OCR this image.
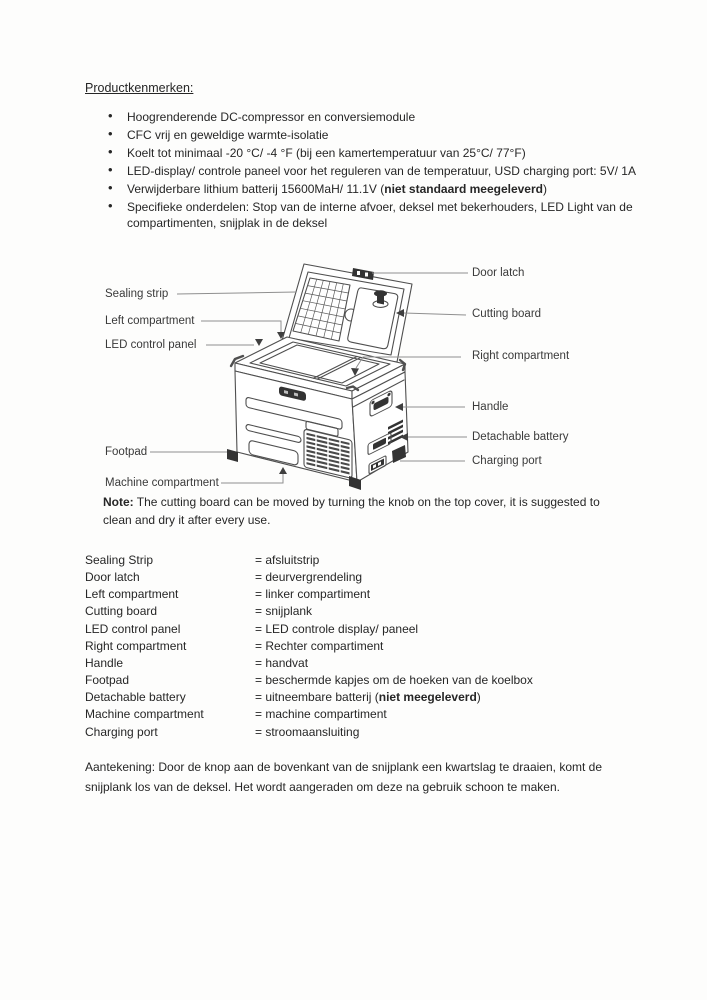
Productkenmerken:
• Hoogrenderende DC-compressor en conversiemodule
• CFC vrij en geweldige warmte-isolatie
• Koelt tot minimaal -20 °C/ -4 °F (bij een kamertemperatuur van 25°C/ 77°F)
• LED-display/ controle paneel voor het reguleren van de temperatuur, USD charging port: 5V/ 1A
• Verwijderbare lithium batterij 15600MaH/ 11.1V (niet standaard meegeleverd)
• Specifieke onderdelen: Stop van de interne afvoer, deksel met bekerhouders, LED Light van de compartimenten, snijplak in de deksel
Sealing strip
Left compartment
LED control panel
Footpad
Machine compartment
Door latch
Cutting board
Right compartment
Handle
Detachable battery
Charging port
Note: The cutting board can be moved by turning the knob on the top cover, it is suggested to clean and dry it after every use.
Sealing Strip	= afsluitstrip
Door latch	= deurvergrendeling
Left compartment	= linker compartiment
Cutting board	= snijplank
LED control panel	= LED controle display/ paneel
Right compartment	= Rechter compartiment
Handle	= handvat
Footpad	= beschermde kapjes om de hoeken van de koelbox
Detachable battery	= uitneembare batterij (niet meegeleverd)
Machine compartment	= machine compartiment
Charging port	= stroomaansluiting
Aantekening: Door de knop aan de bovenkant van de snijplank een kwartslag te draaien, komt de snijplank los van de deksel. Het wordt aangeraden om deze na gebruik schoon te maken.
